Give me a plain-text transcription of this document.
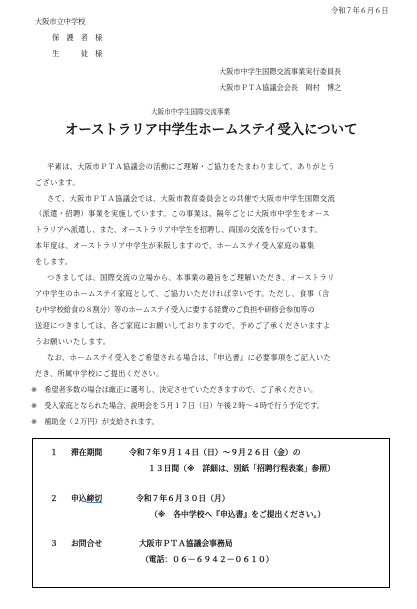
令和７年６月６日
大阪市立中学校
保　護　者　様
生　　　徒　様
大阪市中学生国際交流事業実行委員長
大阪市ＰＴＡ協議会会長　岡村　博之
大阪市中学生国際交流事業
オーストラリア中学生ホームステイ受入について
平素は、大阪市ＰＴＡ協議会の活動にご理解・ご協力をたまわりまして、ありがとう
ございます。
さて、大阪市ＰＴＡ協議会では、大阪市教育委員会との共催で大阪市中学生国際交流
（派遣・招聘）事業を実施しています。この事業は、隔年ごとに大阪市中学生をオース
トラリアへ派遣し、また、オーストラリア中学生を招聘し、両国の交流を行っています。
本年度は、オーストラリア中学生が来阪しますので、ホームステイ受入家庭の募集
をします。
つきましては、国際交流の立場から、本事業の趣旨をご理解いただき、オーストラリ
ア中学生のホームステイ家庭として、ご協力いただければ幸いです。ただし、食事（含
む中学校給食の８割分）等のホームステイ受入に要する経費のご負担や研修会参加等の
送迎につきましては、各ご家庭にお願いしておりますので、予めご了承くださいますよ
うお願いいたします。
なお、ホームステイ受入をご希望される場合は、『申込書』に必要事項をご記入いた
だき、所属中学校にご提出ください。
※　希望者多数の場合は厳正に選考し、決定させていただきますので、ご了承ください。
※　受入家庭となられた場合、説明会を５月１７日（日）午後２時～４時で行う予定です。
※　補助金（２万円）が支給されます。
１ 滞在期間	令和７年９月１４日（日）～９月２６日（金）の
１３日間（※　詳細は、別紙「招聘行程表案」参照）
２ 申込締切	令和７年６月３０日（月）
（※　各中学校へ『申込書』をご提出ください。）
３ お問合せ	大阪市ＰＴＡ協議会事務局
（電話：０６－６９４２－０６１０）
